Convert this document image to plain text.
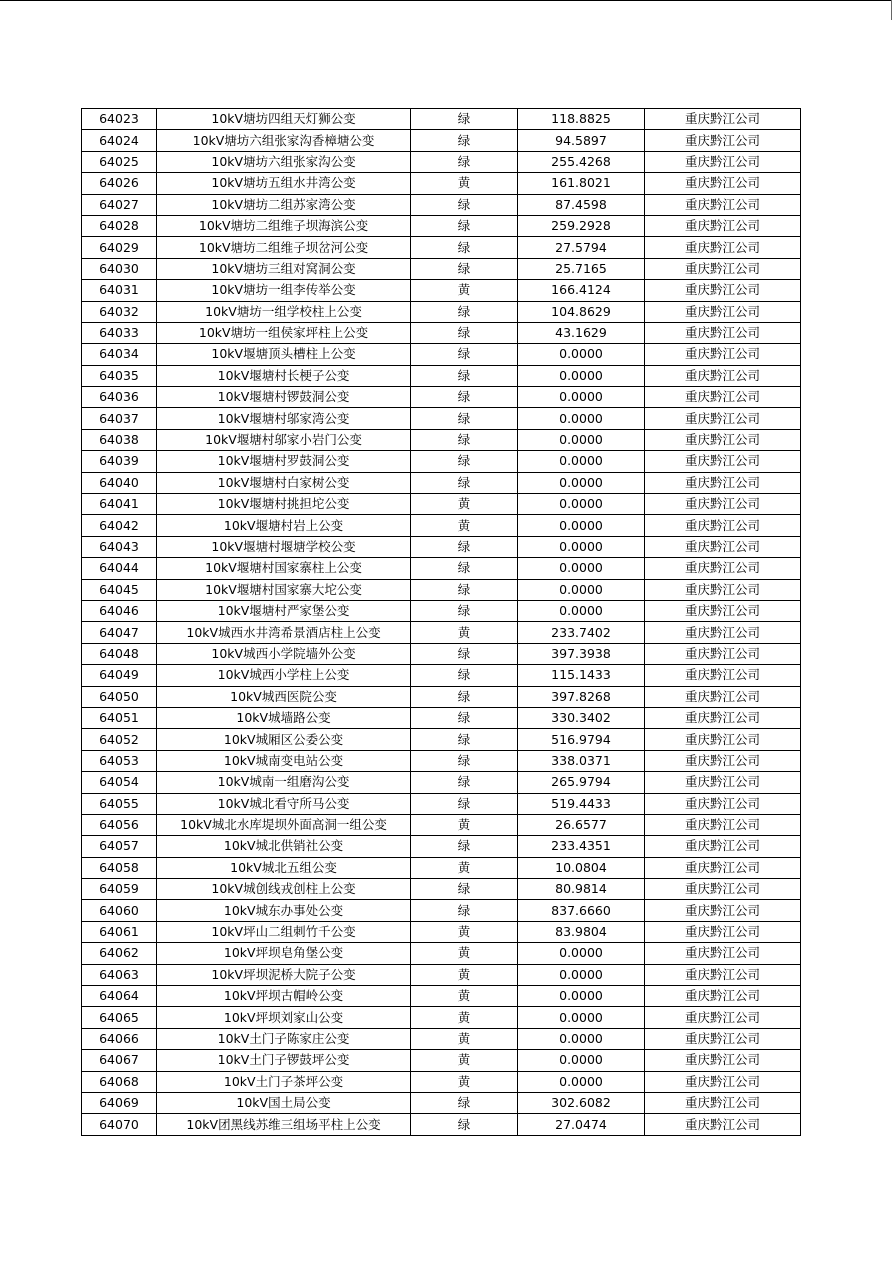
64023	10kV塘坊四组天灯狮公变	绿	118.8825	重庆黔江公司
64024	10kV塘坊六组张家沟香樟塘公变	绿	94.5897	重庆黔江公司
64025	10kV塘坊六组张家沟公变	绿	255.4268	重庆黔江公司
64026	10kV塘坊五组水井湾公变	黄	161.8021	重庆黔江公司
64027	10kV塘坊二组苏家湾公变	绿	87.4598	重庆黔江公司
64028	10kV塘坊二组维子坝海滨公变	绿	259.2928	重庆黔江公司
64029	10kV塘坊二组维子坝岔河公变	绿	27.5794	重庆黔江公司
64030	10kV塘坊三组对窝洞公变	绿	25.7165	重庆黔江公司
64031	10kV塘坊一组李传举公变	黄	166.4124	重庆黔江公司
64032	10kV塘坊一组学校柱上公变	绿	104.8629	重庆黔江公司
64033	10kV塘坊一组侯家坪柱上公变	绿	43.1629	重庆黔江公司
64034	10kV堰塘顶头槽柱上公变	绿	0.0000	重庆黔江公司
64035	10kV堰塘村长梗子公变	绿	0.0000	重庆黔江公司
64036	10kV堰塘村锣鼓洞公变	绿	0.0000	重庆黔江公司
64037	10kV堰塘村邬家湾公变	绿	0.0000	重庆黔江公司
64038	10kV堰塘村邬家小岩门公变	绿	0.0000	重庆黔江公司
64039	10kV堰塘村罗鼓洞公变	绿	0.0000	重庆黔江公司
64040	10kV堰塘村白家树公变	绿	0.0000	重庆黔江公司
64041	10kV堰塘村挑担坨公变	黄	0.0000	重庆黔江公司
64042	10kV堰塘村岩上公变	黄	0.0000	重庆黔江公司
64043	10kV堰塘村堰塘学校公变	绿	0.0000	重庆黔江公司
64044	10kV堰塘村国家寨柱上公变	绿	0.0000	重庆黔江公司
64045	10kV堰塘村国家寨大坨公变	绿	0.0000	重庆黔江公司
64046	10kV堰塘村严家堡公变	绿	0.0000	重庆黔江公司
64047	10kV城西水井湾希景酒店柱上公变	黄	233.7402	重庆黔江公司
64048	10kV城西小学院墙外公变	绿	397.3938	重庆黔江公司
64049	10kV城西小学柱上公变	绿	115.1433	重庆黔江公司
64050	10kV城西医院公变	绿	397.8268	重庆黔江公司
64051	10kV城墙路公变	绿	330.3402	重庆黔江公司
64052	10kV城厢区公委公变	绿	516.9794	重庆黔江公司
64053	10kV城南变电站公变	绿	338.0371	重庆黔江公司
64054	10kV城南一组磨沟公变	绿	265.9794	重庆黔江公司
64055	10kV城北看守所马公变	绿	519.4433	重庆黔江公司
64056	10kV城北水库堤坝外面高洞一组公变	黄	26.6577	重庆黔江公司
64057	10kV城北供销社公变	绿	233.4351	重庆黔江公司
64058	10kV城北五组公变	黄	10.0804	重庆黔江公司
64059	10kV城创线戎创柱上公变	绿	80.9814	重庆黔江公司
64060	10kV城东办事处公变	绿	837.6660	重庆黔江公司
64061	10kV坪山二组刺竹千公变	黄	83.9804	重庆黔江公司
64062	10kV坪坝皂角堡公变	黄	0.0000	重庆黔江公司
64063	10kV坪坝泥桥大院子公变	黄	0.0000	重庆黔江公司
64064	10kV坪坝古帽岭公变	黄	0.0000	重庆黔江公司
64065	10kV坪坝刘家山公变	黄	0.0000	重庆黔江公司
64066	10kV土门子陈家庄公变	黄	0.0000	重庆黔江公司
64067	10kV土门子锣鼓坪公变	黄	0.0000	重庆黔江公司
64068	10kV土门子茶坪公变	黄	0.0000	重庆黔江公司
64069	10kV国土局公变	绿	302.6082	重庆黔江公司
64070	10kV团黑线苏维三组场平柱上公变	绿	27.0474	重庆黔江公司
